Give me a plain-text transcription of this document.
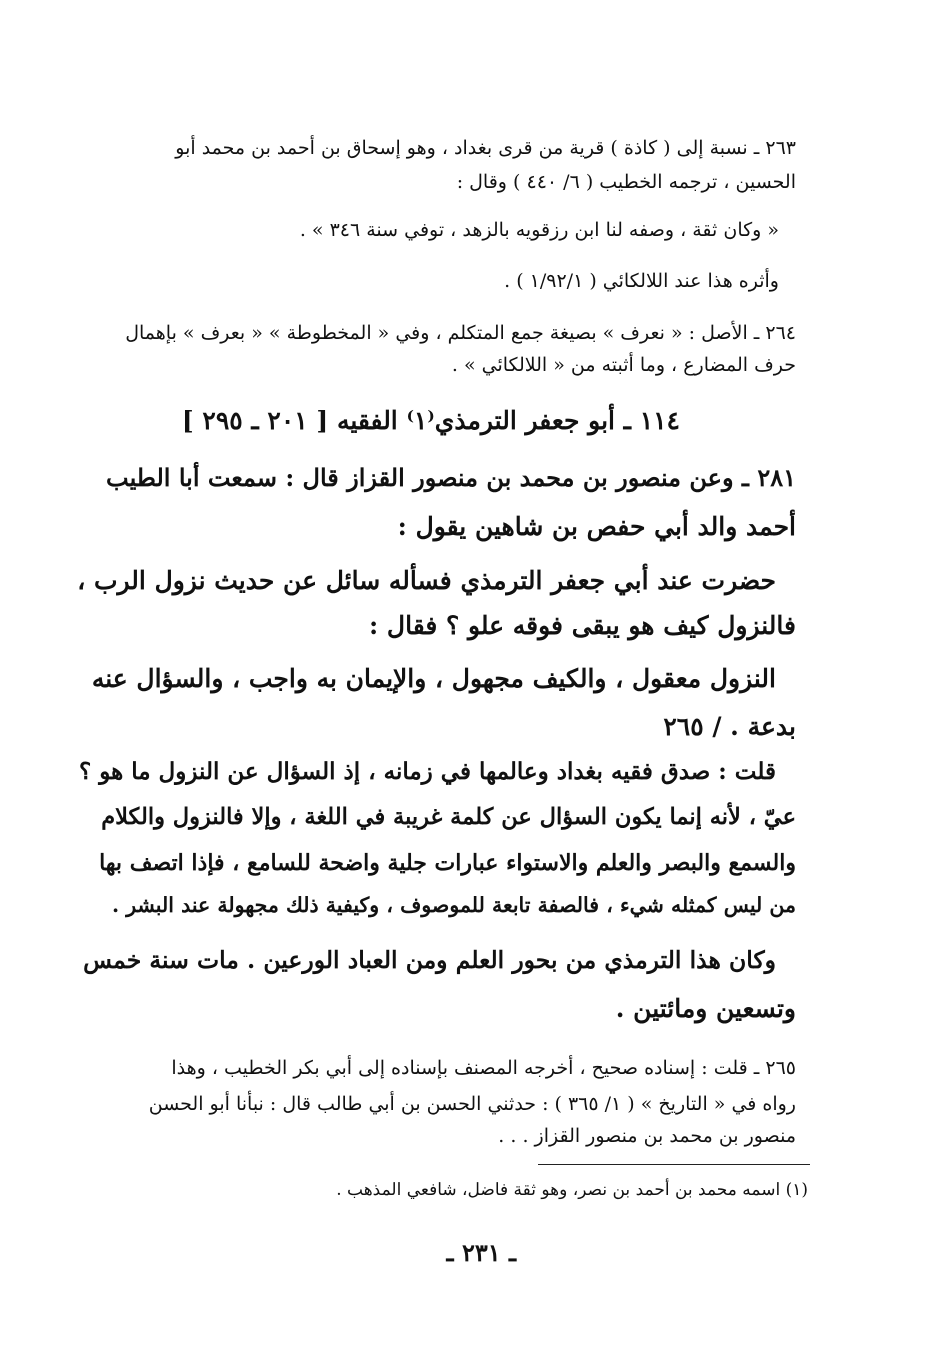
٢٦٣ ـ نسبة إلى ( كاذة ) قرية من قرى بغداد ، وهو إسحاق بن أحمد بن محمد أبو
الحسين ، ترجمه الخطيب ( ٦/ ٤٤٠ ) وقال :
« وكان ثقة ، وصفه لنا ابن رزقويه بالزهد ، توفي سنة ٣٤٦ » .
وأثره هذا عند اللالكائي ( ١/٩٢/١ ) .
٢٦٤ ـ الأصل : « نعرف » بصيغة جمع المتكلم ، وفي « المخطوطة » « بعرف » بإهمال
حرف المضارع ، وما أثبته من « اللالكائي » .
١١٤ ـ أبو جعفر الترمذي⁽١⁾ الفقيه [ ٢٠١ ـ ٢٩٥ ]
٢٨١ ـ وعن منصور بن محمد بن منصور القزاز قال : سمعت أبا الطيب
أحمد والد أبي حفص بن شاهين يقول :
حضرت عند أبي جعفر الترمذي فسأله سائل عن حديث نزول الرب ،
فالنزول كيف هو يبقى فوقه علو ؟ فقال :
النزول معقول ، والكيف مجهول ، والإيمان به واجب ، والسؤال عنه
بدعة . / ٢٦٥
قلت : صدق فقيه بغداد وعالمها في زمانه ، إذ السؤال عن النزول ما هو ؟
عيّ ، لأنه إنما يكون السؤال عن كلمة غريبة في اللغة ، وإلا فالنزول والكلام
والسمع والبصر والعلم والاستواء عبارات جلية واضحة للسامع ، فإذا اتصف بها
من ليس كمثله شيء ، فالصفة تابعة للموصوف ، وكيفية ذلك مجهولة عند البشر .
وكان هذا الترمذي من بحور العلم ومن العباد الورعين . مات سنة خمس
وتسعين ومائتين .
٢٦٥ ـ قلت : إسناده صحيح ، أخرجه المصنف بإسناده إلى أبي بكر الخطيب ، وهذا
رواه في « التاريخ » ( ١/ ٣٦٥ ) : حدثني الحسن بن أبي طالب قال : نبأنا أبو الحسن
منصور بن محمد بن منصور القزاز . . .
(١) اسمه محمد بن أحمد بن نصر، وهو ثقة فاضل، شافعي المذهب .
ـ ٢٣١ ـ
